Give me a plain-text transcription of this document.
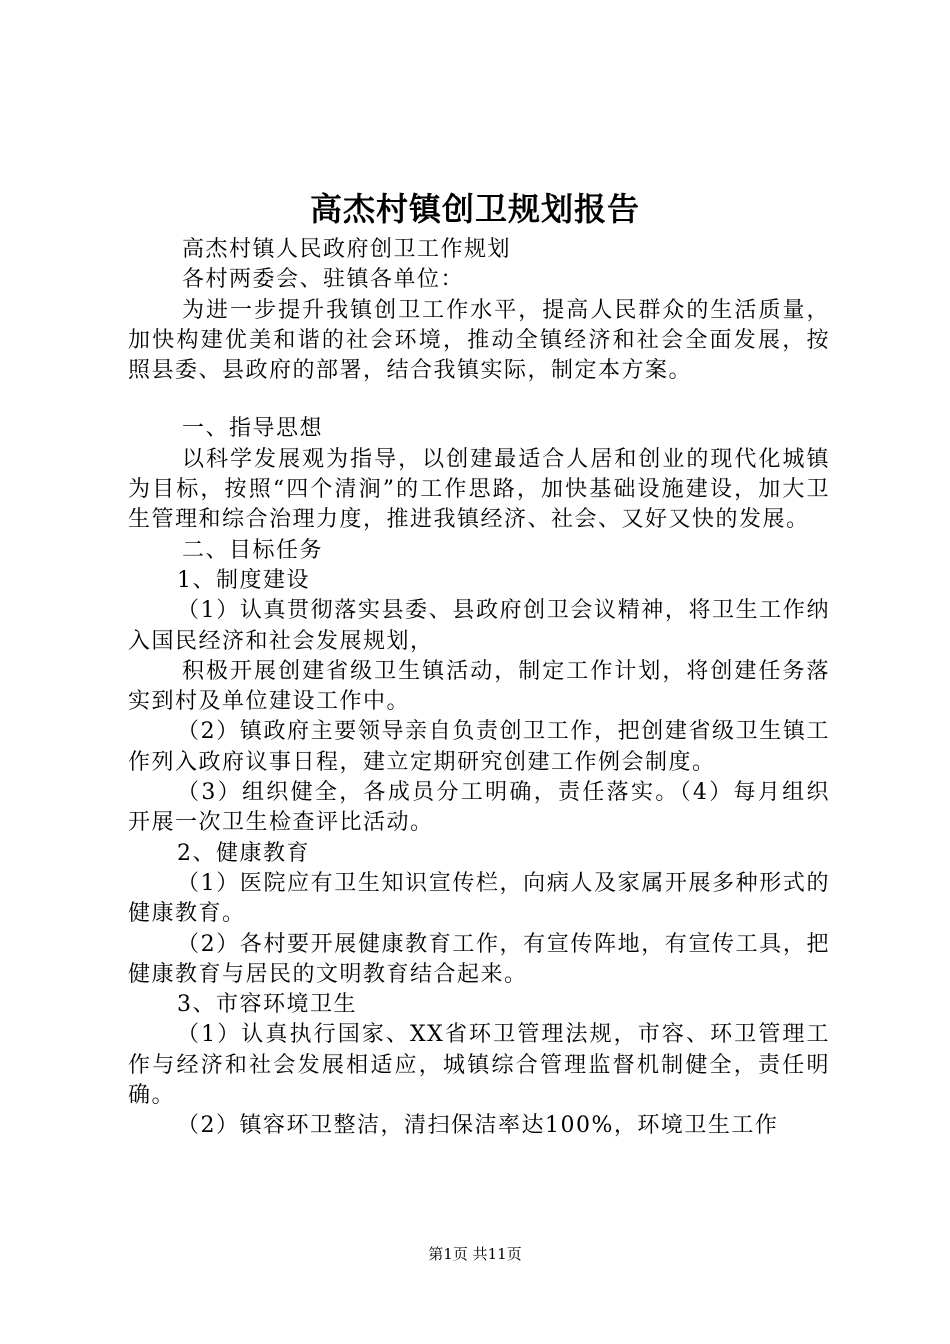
高杰村镇创卫规划报告

高杰村镇人民政府创卫工作规划

各村两委会、驻镇各单位：

为进一步提升我镇创卫工作水平，提高人民群众的生活质量，加快构建优美和谐的社会环境，推动全镇经济和社会全面发展，按照县委、县政府的部署，结合我镇实际，制定本方案。

一、指导思想

以科学发展观为指导，以创建最适合人居和创业的现代化城镇为目标，按照“四个清涧”的工作思路，加快基础设施建设，加大卫生管理和综合治理力度，推进我镇经济、社会、又好又快的发展。

二、目标任务

1、制度建设

（1）认真贯彻落实县委、县政府创卫会议精神，将卫生工作纳入国民经济和社会发展规划，

积极开展创建省级卫生镇活动，制定工作计划，将创建任务落实到村及单位建设工作中。

（2）镇政府主要领导亲自负责创卫工作，把创建省级卫生镇工作列入政府议事日程，建立定期研究创建工作例会制度。

（3）组织健全，各成员分工明确，责任落实。（4）每月组织开展一次卫生检查评比活动。

2、健康教育

（1）医院应有卫生知识宣传栏，向病人及家属开展多种形式的健康教育。

（2）各村要开展健康教育工作，有宣传阵地，有宣传工具，把健康教育与居民的文明教育结合起来。

3、市容环境卫生

（1）认真执行国家、XX省环卫管理法规，市容、环卫管理工作与经济和社会发展相适应，城镇综合管理监督机制健全，责任明确。

（2）镇容环卫整洁，清扫保洁率达100%，环境卫生工作

第1页 共11页
